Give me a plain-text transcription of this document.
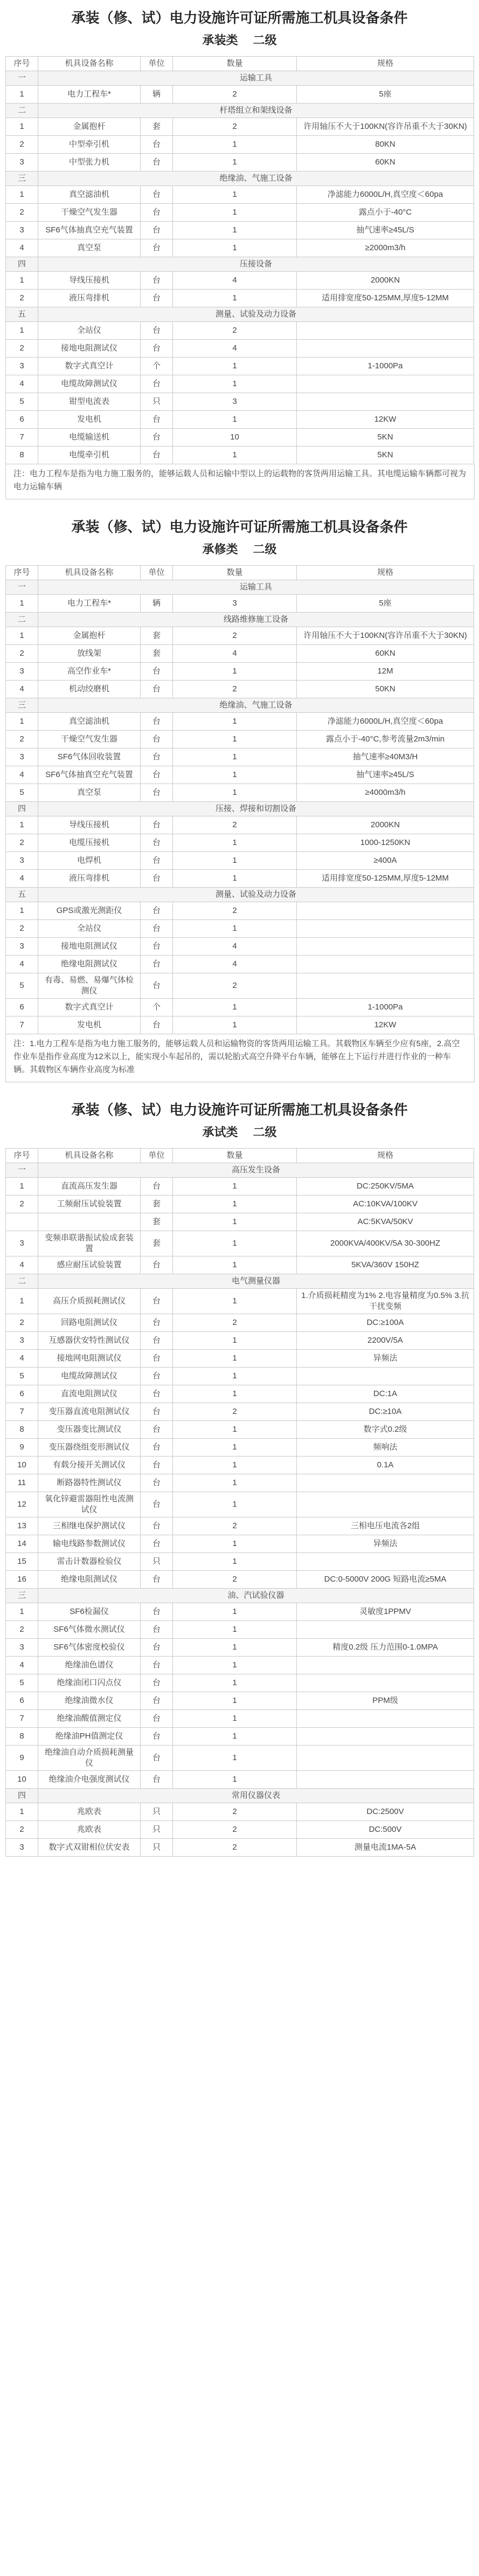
承装（修、试）电力设施许可证所需施工机具设备条件
承装类　 二级
序号	机具设备名称	单位	数量	规格
一	运输工具			
1	电力工程车*	辆	2	5座
二	杆塔组立和架线设备			
1	金属抱杆	套	2	许用轴压不大于100KN(容许吊重不大于30KN)
2	中型牵引机	台	1	80KN
3	中型张力机	台	1	60KN
三	绝缘油、气施工设备			
1	真空滤油机	台	1	净滤能力6000L/H,真空度＜60pa
2	干燥空气发生器	台	1	露点小于-40°C
3	SF6气体抽真空充气装置	台	1	抽气速率≥45L/S
4	真空泵	台	1	≥2000m3/h
四	压接设备			
1	导线压接机	台	4	2000KN
2	液压弯排机	台	1	适用排宽度50-125MM,厚度5-12MM
五	测量、试验及动力设备			
1	全站仪	台	2	
2	接地电阻测试仪	台	4	
3	数字式真空计	个	1	1-1000Pa
4	电缆故障测试仪	台	1	
5	钳型电流表	只	3	
6	发电机	台	1	12KW
7	电缆输送机	台	10	5KN
8	电缆牵引机	台	1	5KN

注：电力工程车是指为电力施工服务的，能够运载人员和运输中型以上的运载物的客货两用运输工具。其电缆运输车辆都可视为电力运输车辆

承装（修、试）电力设施许可证所需施工机具设备条件
承修类　 二级
序号	机具设备名称	单位	数量	规格
一	运输工具			
1	电力工程车*	辆	3	5座
二	线路维修施工设备			
1	金属抱杆	套	2	许用轴压不大于100KN(容许吊重不大于30KN)
2	放线架	套	4	60KN
3	高空作业车*	台	1	12M
4	机动绞磨机	台	2	50KN
三	绝缘油、气施工设备			
1	真空滤油机	台	1	净滤能力6000L/H,真空度＜60pa
2	干燥空气发生器	台	1	露点小于-40°C,参考流量2m3/min
3	SF6气体回收装置	台	1	抽气速率≥40M3/H
4	SF6气体抽真空充气装置	台	1	抽气速率≥45L/S
5	真空泵	台	1	≥4000m3/h
四	压接、焊接和切割设备			
1	导线压接机	台	2	2000KN
2	电缆压接机	台	1	1000-1250KN
3	电焊机	台	1	≥400A
4	液压弯排机	台	1	适用排宽度50-125MM,厚度5-12MM
五	测量、试验及动力设备			
1	GPS或激光测距仪	台	2	
2	全站仪	台	1	
3	接地电阻测试仪	台	4	
4	绝缘电阻测试仪	台	4	
5	有毒、易燃、易爆气体检测仪	台	2	
6	数字式真空计	个	1	1-1000Pa
7	发电机	台	1	12KW

注：1.电力工程车是指为电力施工服务的，能够运载人员和运输物资的客货两用运输工具。其载物区车辆至少应有5座，2.高空作业车是指作业高度为12米以上，能实现小车起吊的，需以轮胎式高空升降平台车辆，能够在上下运行并进行作业的一种车辆。其载物区车辆作业高度为标准

承装（修、试）电力设施许可证所需施工机具设备条件
承试类　 二级
序号	机具设备名称	单位	数量	规格
一	高压发生设备			
1	直流高压发生器	台	1	DC:250KV/5MA
2	工频耐压试验装置	套	1	AC:10KVA/100KV
		套	1	AC:5KVA/50KV
3	变频串联谐振试验成套装置	套	1	2000KVA/400KV/5A 30-300HZ
4	感应耐压试验装置	台	1	5KVA/360V 150HZ
二	电气测量仪器			
1	高压介质损耗测试仪	台	1	1.介质损耗精度为1% 2.电容量精度为0.5% 3.抗干扰变频
2	回路电阻测试仪	台	2	DC:≥100A
3	互感器伏安特性测试仪	台	1	2200V/5A
4	接地网电阻测试仪	台	1	异频法
5	电缆故障测试仪	台	1	
6	直流电阻测试仪	台	1	DC:1A
7	变压器直流电阻测试仪	台	2	DC:≥10A
8	变压器变比测试仪	台	1	数字式0.2级
9	变压器绕组变形测试仪	台	1	频响法
10	有载分接开关测试仪	台	1	0.1A
11	断路器特性测试仪	台	1	
12	氧化锌避雷器阻性电流测试仪	台	1	
13	三相继电保护测试仪	台	2	三相电压电流各2组
14	输电线路参数测试仪	台	1	异频法
15	雷击计数器检验仪	只	1	
16	绝缘电阻测试仪	台	2	DC:0-5000V 200G 短路电流≥5MA
三	油、汽试验仪器			
1	SF6检漏仪	台	1	灵敏度1PPMV
2	SF6气体微水测试仪	台	1	
3	SF6气体密度校验仪	台	1	精度0.2级 压力范围0-1.0MPA
4	绝缘油色谱仪	台	1	
5	绝缘油闭口闪点仪	台	1	
6	绝缘油微水仪	台	1	PPM级
7	绝缘油酸值测定仪	台	1	
8	绝缘油PH值测定仪	台	1	
9	绝缘油自动介质损耗测量仪	台	1	
10	绝缘油介电强度测试仪	台	1	
四	常用仪器仪表			
1	兆欧表	只	2	DC:2500V
2	兆欧表	只	2	DC:500V
3	数字式双钳相位伏安表	只	2	测量电流1MA-5A
